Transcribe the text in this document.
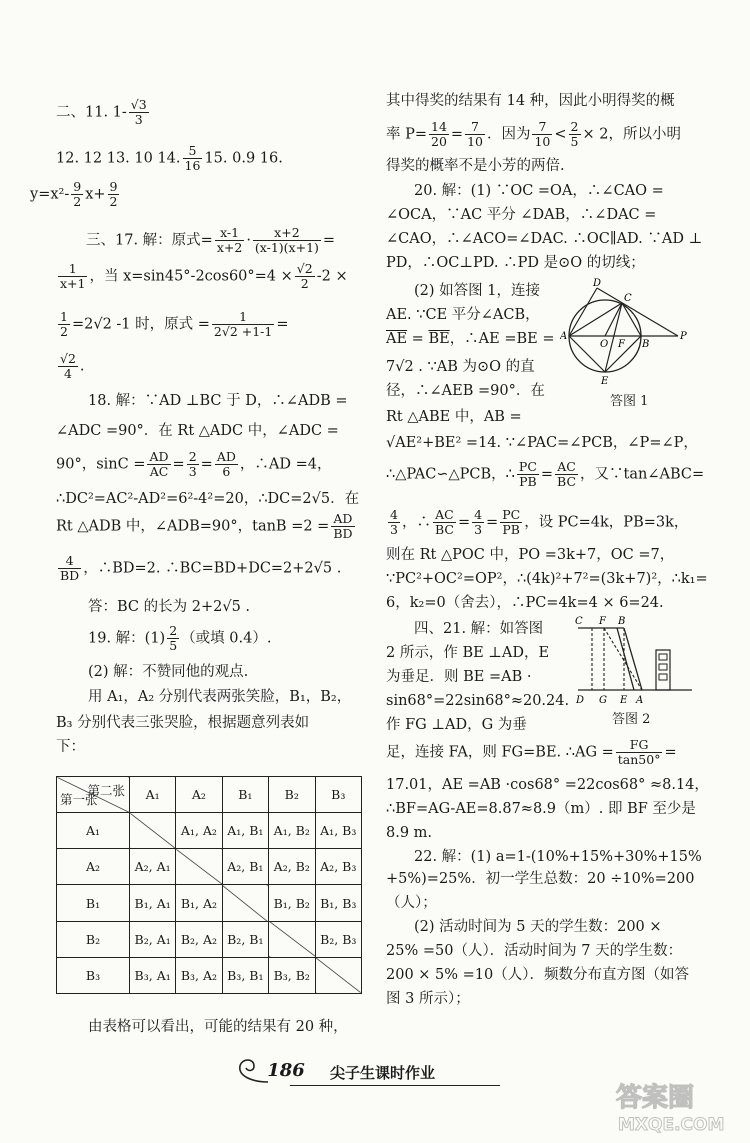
二、11. $1- \frac{√3}{3}$
12. 12 13. 10 14. $\frac{5}{16} 15$. 0.9 16.
$y=x^2- \frac{9}{2} x+ \frac{9}{2}$
三、17. 解：原式= $\frac{x-1}{x+2} \cdot \frac{x+2}{(x-1)(x+1)}$ =
$\frac{1}{x+1}$ ，当 $x=\sin 45^\circ-2\cos 60^\circ=4 \times \frac{√2}{2} -2$ ×
$\frac{1}{2} =2√2$ -1 时，原式 = $\frac{1}{2√2 +1-1}$ =
$\frac{√2}{4}$ .
18. 解：∵AD ⊥BC 于 D，∴∠ADB =
∠ADC =90°．在 Rt △ADC 中，∠ADC =
90°，$\sin C = \frac{AD}{AC} = \frac{2}{3} = \frac{AD}{6}$ ，∴AD =4，
∴DC²=AC²-AD²=6²-4²=20，∴DC=2√5．在
Rt △ADB 中，∠ADB=90°，$\tan B =2 = \frac{AD}{BD}$
$\frac{4}{BD}$ ，∴BD=2. ∴BC=BD+DC=2+2√5 .
答：BC 的长为 2+2√5 .
19. 解：$(1) \frac{2}{5}$ （或填 0.4）.
(2) 解：不赞同他的观点.
用 A₁，A₂ 分别代表两张笑脸，B₁，B₂，
B₃ 分别代表三张哭脸，根据题意列表如
下：
第二张
第一张	A₁	A₂	B₁	B₂	B₃
A₁		A₁, A₂	A₁, B₁	A₁, B₂	A₁, B₃
A₂	A₂, A₁		A₂, B₁	A₂, B₂	A₂, B₃
B₁	B₁, A₁	B₁, A₂		B₁, B₂	B₁, B₃
B₂	B₂, A₁	B₂, A₂	B₂, B₁		B₂, B₃
B₃	B₃, A₁	B₃, A₂	B₃, B₁	B₃, B₂	
由表格可以看出，可能的结果有 20 种，
其中得奖的结果有 14 种，因此小明得奖的概
率 $P= \frac{14}{20} = \frac{7}{10}$ ．因为 $\frac{7}{10} < \frac{2}{5} \times 2$，所以小明
得奖的概率不是小芳的两倍.
20. 解：(1) ∵OC =OA，∴∠CAO =
∠OCA，∵AC 平分 ∠DAB，∴∠DAC =
∠CAO，∴∠ACO=∠DAC. ∴OC∥AD. ∵AD ⊥
PD，∴OC⊥PD. ∴PD 是⊙O 的切线；
(2) 如答图 1，连接
AE. ∵CE 平分∠ACB，
$\overline{AE} = \overline{BE}$，∴AE =BE =
7√2 . ∵AB 为⊙O 的直
径，∴∠AEB =90°．在
Rt △ABE 中，AB =
√AE²+BE² =14. ∵∠PAC=∠PCB，∠P=∠P，
∴△PAC∽△PCB，∴ $\frac{PC}{PB} = \frac{AC}{BC}$ ，又∵tan∠ABC=
$\frac{4}{3}$ ，∴ $\frac{AC}{BC} = \frac{4}{3} = \frac{PC}{PB}$ ，设 PC=4k，PB=3k，
则在 Rt △POC 中，PO =3k+7，OC =7，
∵PC²+OC²=OP²，∴(4k)²+7²=(3k+7)²，∴k₁=
6，k₂=0（舍去），∴PC=4k=4 × 6=24.
四、21. 解：如答图
2 所示，作 BE ⊥AD，E
为垂足．则 BE =AB ·
sin68°=22sin68°≈20.24.
作 FG ⊥AD，G 为垂
足，连接 FA，则 FG=BE. ∴AG = $\frac{FG}{\tan 50^\circ}$ =
17.01，AE =AB ·cos68° =22cos68° ≈8.14，
∴BF=AG-AE=8.87≈8.9（m）. 即 BF 至少是
8.9 m.
22. 解：(1) a=1-(10%+15%+30%+15%
+5%)=25%．初一学生总数：20 ÷10%=200
（人）；
(2) 活动时间为 5 天的学生数：200 ×
25% =50（人）．活动时间为 7 天的学生数：
200 × 5% =10（人）．频数分布直方图（如答
图 3 所示）；
D
C
A
O F B
P
E
答图 1
C F B
D G E A
答图 2
186	尖子生课时作业
答案圈
MXQE.COM
